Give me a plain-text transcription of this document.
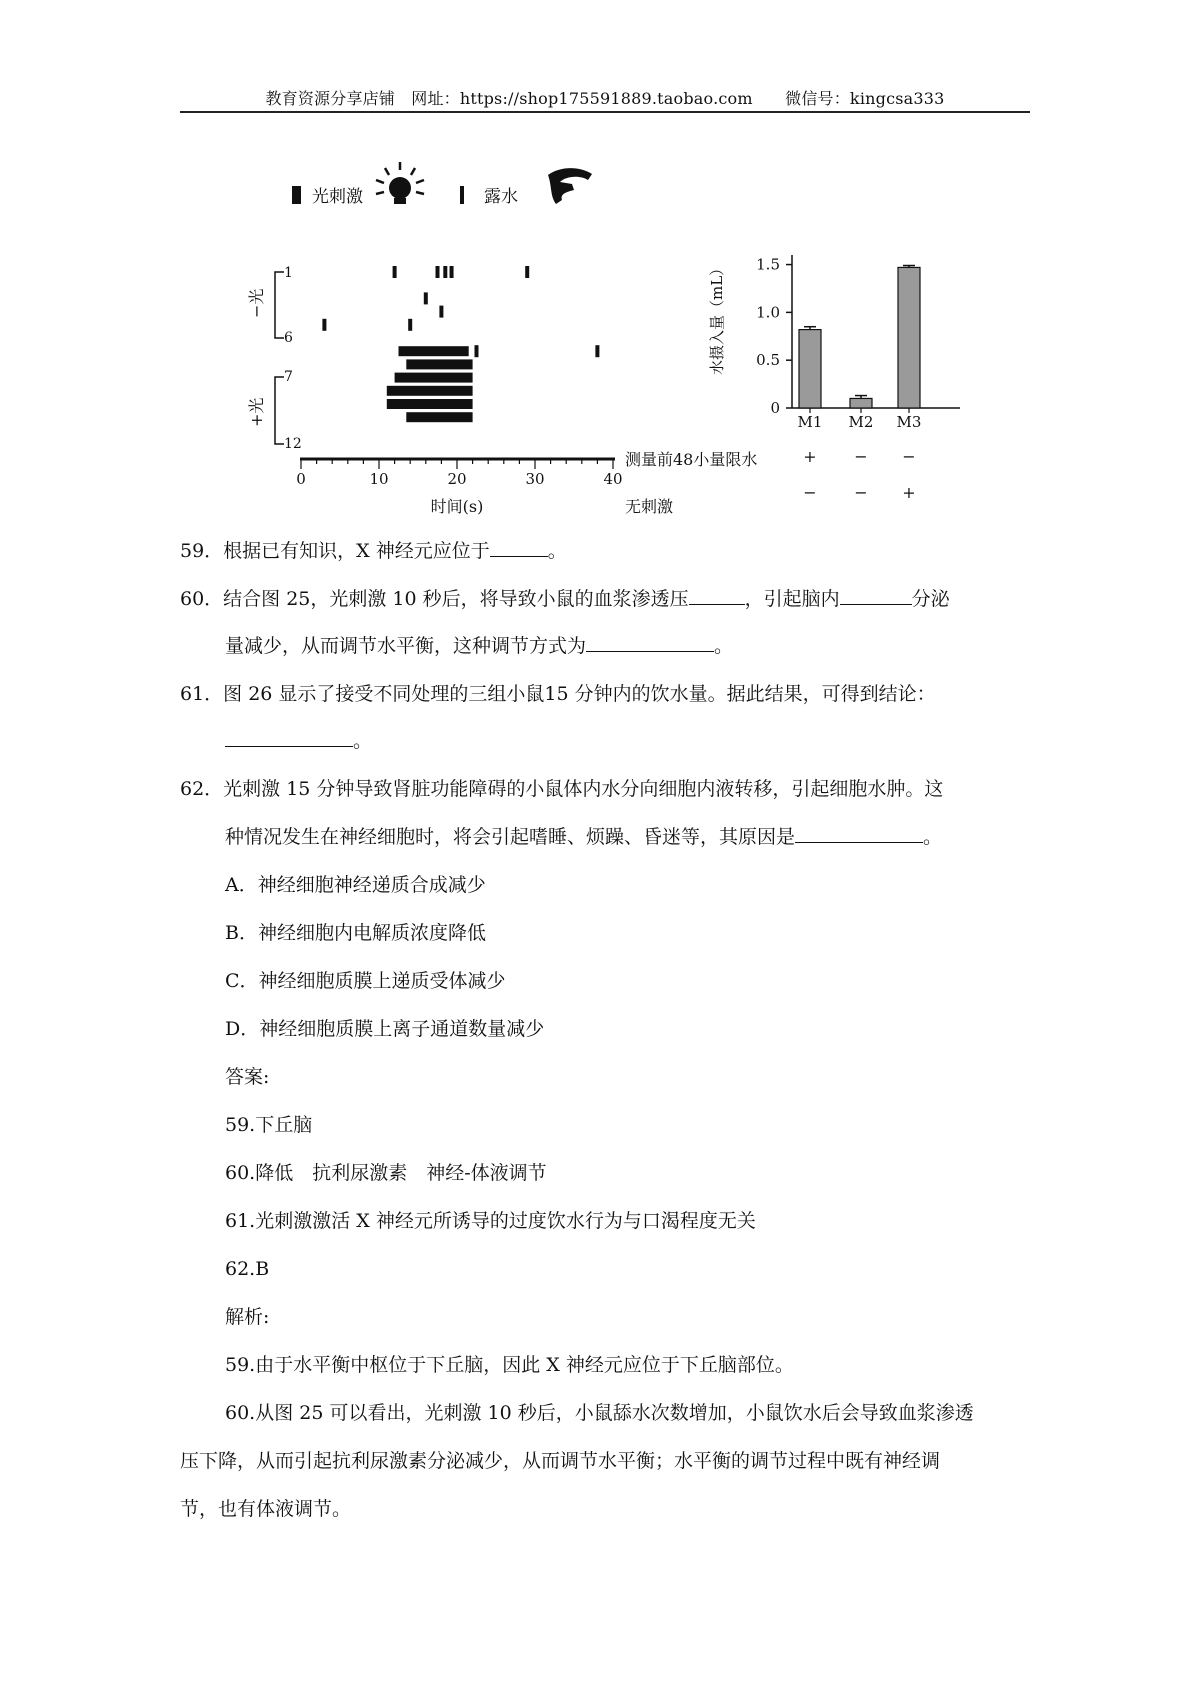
教育资源分享店铺　网址：https://shop175591889.taobao.com　　微信号：kingcsa333
光刺激	露水
1
6
7
12
−光
+光
0	10	20	30	40
时间(s)
0
0.5
1.0
1.5
水摄入量（mL）
M1 M2 M3
测量前48小量限水
无刺激
+ − −
− − +
59．根据已有知识，X 神经元应位于	。
60．结合图 25，光刺激 10 秒后，将导致小鼠的血浆渗透压	，引起脑内	分泌
量减少，从而调节水平衡，这种调节方式为	。
61．图 26 显示了接受不同处理的三组小鼠15 分钟内的饮水量。据此结果，可得到结论：
。
62．光刺激 15 分钟导致肾脏功能障碍的小鼠体内水分向细胞内液转移，引起细胞水肿。这
种情况发生在神经细胞时，将会引起嗜睡、烦躁、昏迷等，其原因是	。
A．神经细胞神经递质合成减少
B．神经细胞内电解质浓度降低
C．神经细胞质膜上递质受体减少
D．神经细胞质膜上离子通道数量减少
答案:
59.下丘脑
60.降低　抗利尿激素　神经-体液调节
61.光刺激激活 X 神经元所诱导的过度饮水行为与口渴程度无关
62.B
解析:
59.由于水平衡中枢位于下丘脑，因此 X 神经元应位于下丘脑部位。
60.从图 25 可以看出，光刺激 10 秒后，小鼠舔水次数增加，小鼠饮水后会导致血浆渗透
压下降，从而引起抗利尿激素分泌减少，从而调节水平衡；水平衡的调节过程中既有神经调
节，也有体液调节。
